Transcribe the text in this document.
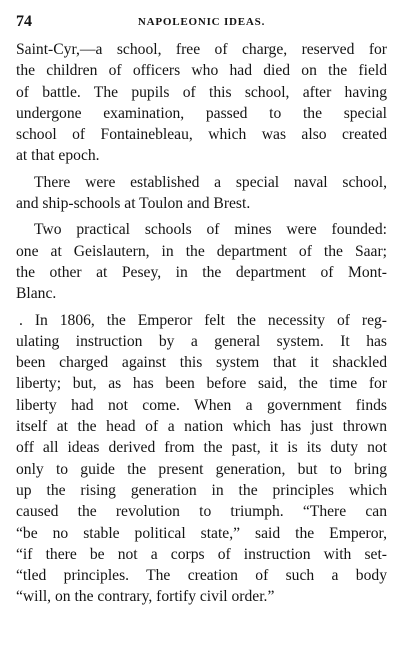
74	NAPOLEONIC IDEAS.
Saint-Cyr,—a school, free of charge, reserved for
the children of officers who had died on the field
of battle. The pupils of this school, after having
undergone examination, passed to the special
school of Fontainebleau, which was also created
at that epoch.
There were established a special naval school,
and ship-schools at Toulon and Brest.
Two practical schools of mines were founded:
one at Geislautern, in the department of the Saar;
the other at Pesey, in the department of Mont-
Blanc.
. In 1806, the Emperor felt the necessity of reg-
ulating instruction by a general system. It has
been charged against this system that it shackled
liberty; but, as has been before said, the time for
liberty had not come. When a government finds
itself at the head of a nation which has just thrown
off all ideas derived from the past, it is its duty not
only to guide the present generation, but to bring
up the rising generation in the principles which
caused the revolution to triumph. “There can
“be no stable political state,” said the Emperor,
“if there be not a corps of instruction with set-
“tled principles. The creation of such a body
“will, on the contrary, fortify civil order.”
